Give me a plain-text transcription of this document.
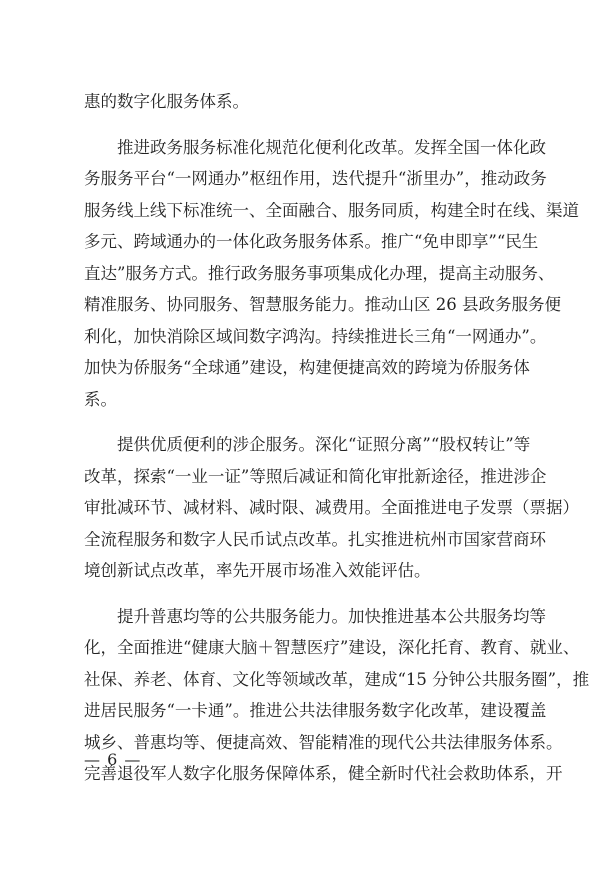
惠的数字化服务体系。
　　推进政务服务标准化规范化便利化改革。发挥全国一体化政
务服务平台“一网通办”枢纽作用，迭代提升“浙里办”，推动政务
服务线上线下标准统一、全面融合、服务同质，构建全时在线、渠道
多元、跨域通办的一体化政务服务体系。推广“免申即享”“民生
直达”服务方式。推行政务服务事项集成化办理，提高主动服务、
精准服务、协同服务、智慧服务能力。推动山区 26 县政务服务便
利化，加快消除区域间数字鸿沟。持续推进长三角“一网通办”。
加快为侨服务“全球通”建设，构建便捷高效的跨境为侨服务体
系。
　　提供优质便利的涉企服务。深化“证照分离”“股权转让”等
改革，探索“一业一证”等照后减证和简化审批新途径，推进涉企
审批减环节、减材料、减时限、减费用。全面推进电子发票（票据）
全流程服务和数字人民币试点改革。扎实推进杭州市国家营商环
境创新试点改革，率先开展市场准入效能评估。
　　提升普惠均等的公共服务能力。加快推进基本公共服务均等
化，全面推进“健康大脑＋智慧医疗”建设，深化托育、教育、就业、
社保、养老、体育、文化等领域改革，建成“15 分钟公共服务圈”，推
进居民服务“一卡通”。推进公共法律服务数字化改革，建设覆盖
城乡、普惠均等、便捷高效、智能精准的现代公共法律服务体系。
完善退役军人数字化服务保障体系，健全新时代社会救助体系，开
— 6 —
